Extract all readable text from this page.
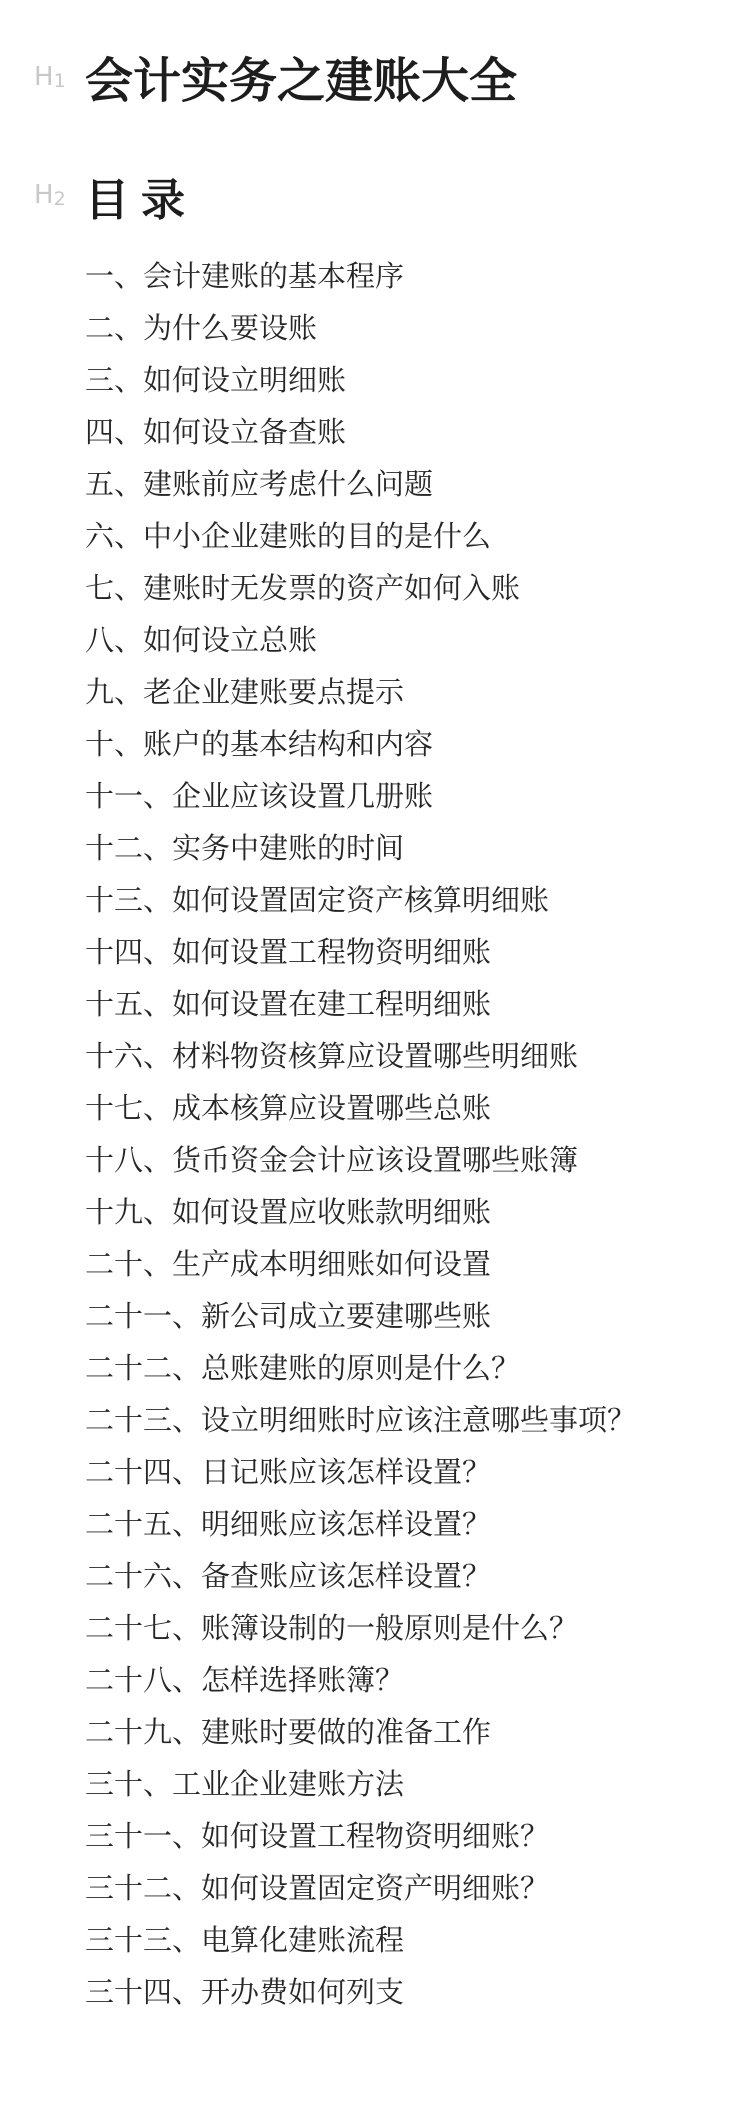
$H_1$ 会计实务之建账大全
$H_2$ 目录
一、会计建账的基本程序
二、为什么要设账
三、如何设立明细账
四、如何设立备查账
五、建账前应考虑什么问题
六、中小企业建账的目的是什么
七、建账时无发票的资产如何入账
八、如何设立总账
九、老企业建账要点提示
十、账户的基本结构和内容
十一、企业应该设置几册账
十二、实务中建账的时间
十三、如何设置固定资产核算明细账
十四、如何设置工程物资明细账
十五、如何设置在建工程明细账
十六、材料物资核算应设置哪些明细账
十七、成本核算应设置哪些总账
十八、货币资金会计应该设置哪些账簿
十九、如何设置应收账款明细账
二十、生产成本明细账如何设置
二十一、新公司成立要建哪些账
二十二、总账建账的原则是什么？
二十三、设立明细账时应该注意哪些事项？
二十四、日记账应该怎样设置？
二十五、明细账应该怎样设置？
二十六、备查账应该怎样设置？
二十七、账簿设制的一般原则是什么？
二十八、怎样选择账簿？
二十九、建账时要做的准备工作
三十、工业企业建账方法
三十一、如何设置工程物资明细账？
三十二、如何设置固定资产明细账？
三十三、电算化建账流程
三十四、开办费如何列支
